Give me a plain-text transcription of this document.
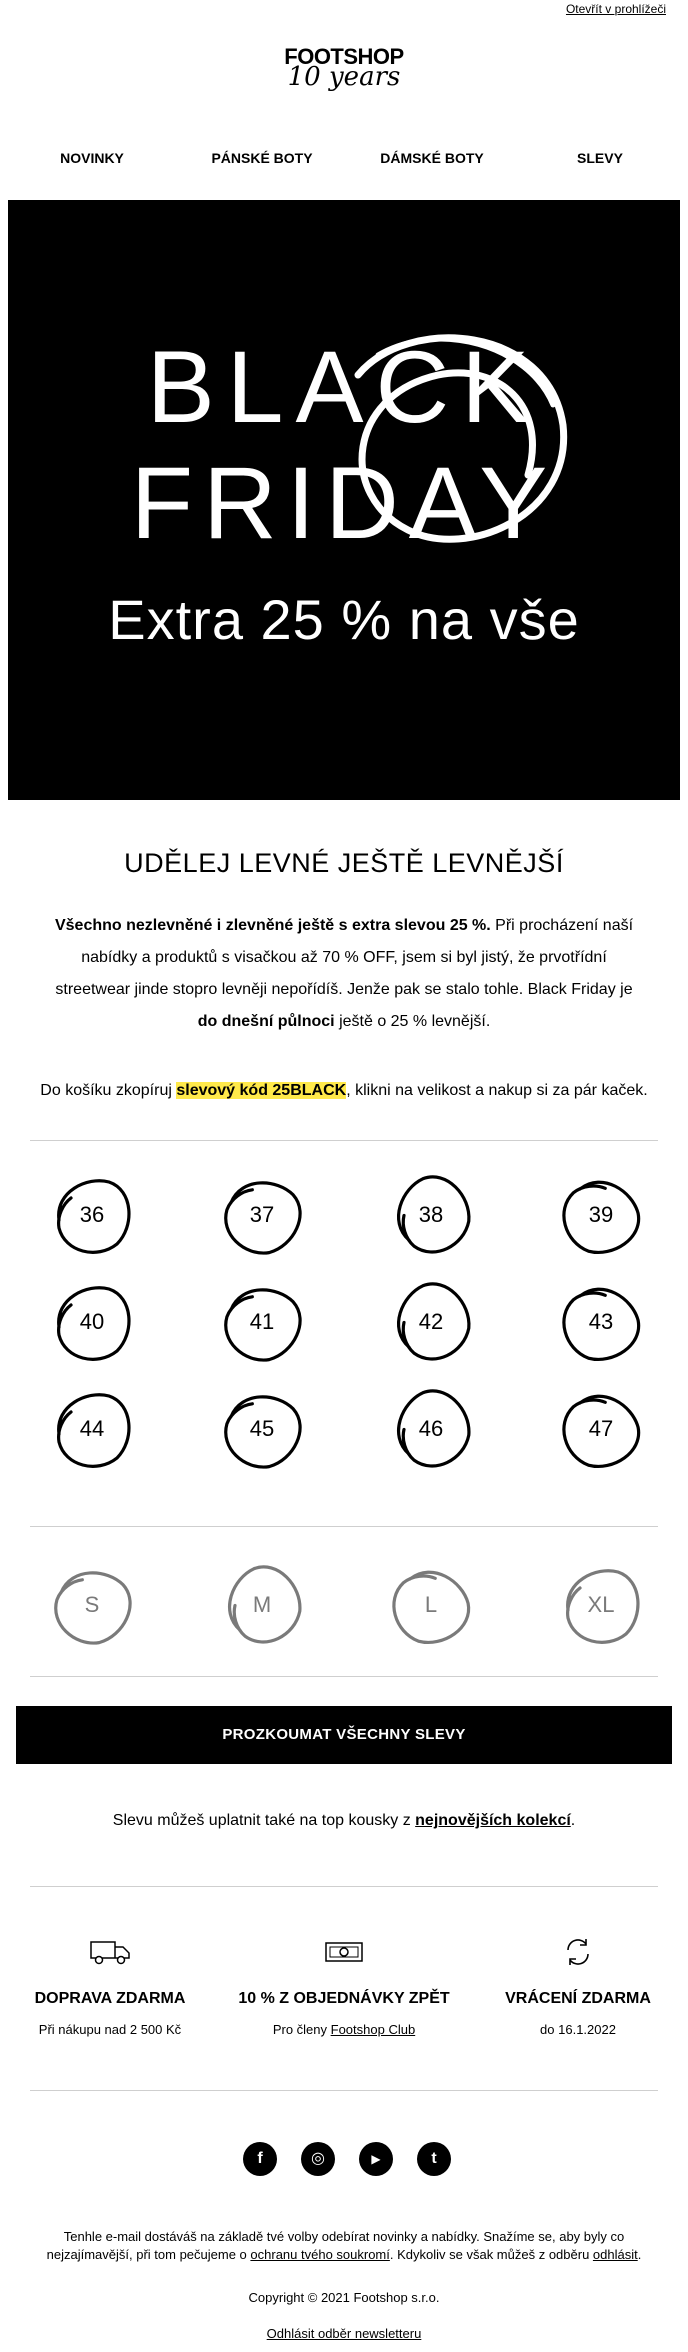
Otevřít v prohlížeči
FOOTSHOP
10 years
NOVINKY	PÁNSKÉ BOTY	DÁMSKÉ BOTY	SLEVY
BLACK
FRIDAY
Extra 25 % na vše
UDĚLEJ LEVNÉ JEŠTĚ LEVNĚJŠÍ
Všechno nezlevněné i zlevněné ještě s extra slevou 25 %. Při procházení naší nabídky a produktů s visačkou až 70 % OFF, jsem si byl jistý, že prvotřídní streetwear jinde stopro levněji nepořídíš. Jenže pak se stalo tohle. Black Friday je do dnešní půlnoci ještě o 25 % levnější.
Do košíku zkopíruj slevový kód 25BLACK, klikni na velikost a nakup si za pár kaček.
36	37	38	39
40	41	42	43
44	45	46	47
S	M	L	XL
PROZKOUMAT VŠECHNY SLEVY
Slevu můžeš uplatnit také na top kousky z nejnovějších kolekcí.
DOPRAVA ZDARMA
Při nákupu nad 2 500 Kč
10 % Z OBJEDNÁVKY ZPĚT
Pro členy Footshop Club
VRÁCENÍ ZDARMA
do 16.1.2022
f	◎	▶	t
Tenhle e-mail dostáváš na základě tvé volby odebírat novinky a nabídky. Snažíme se, aby byly co nejzajímavější, při tom pečujeme o ochranu tvého soukromí. Kdykoliv se však můžeš z odběru odhlásit.
Copyright © 2021 Footshop s.r.o.
Odhlásit odběr newsletteru
